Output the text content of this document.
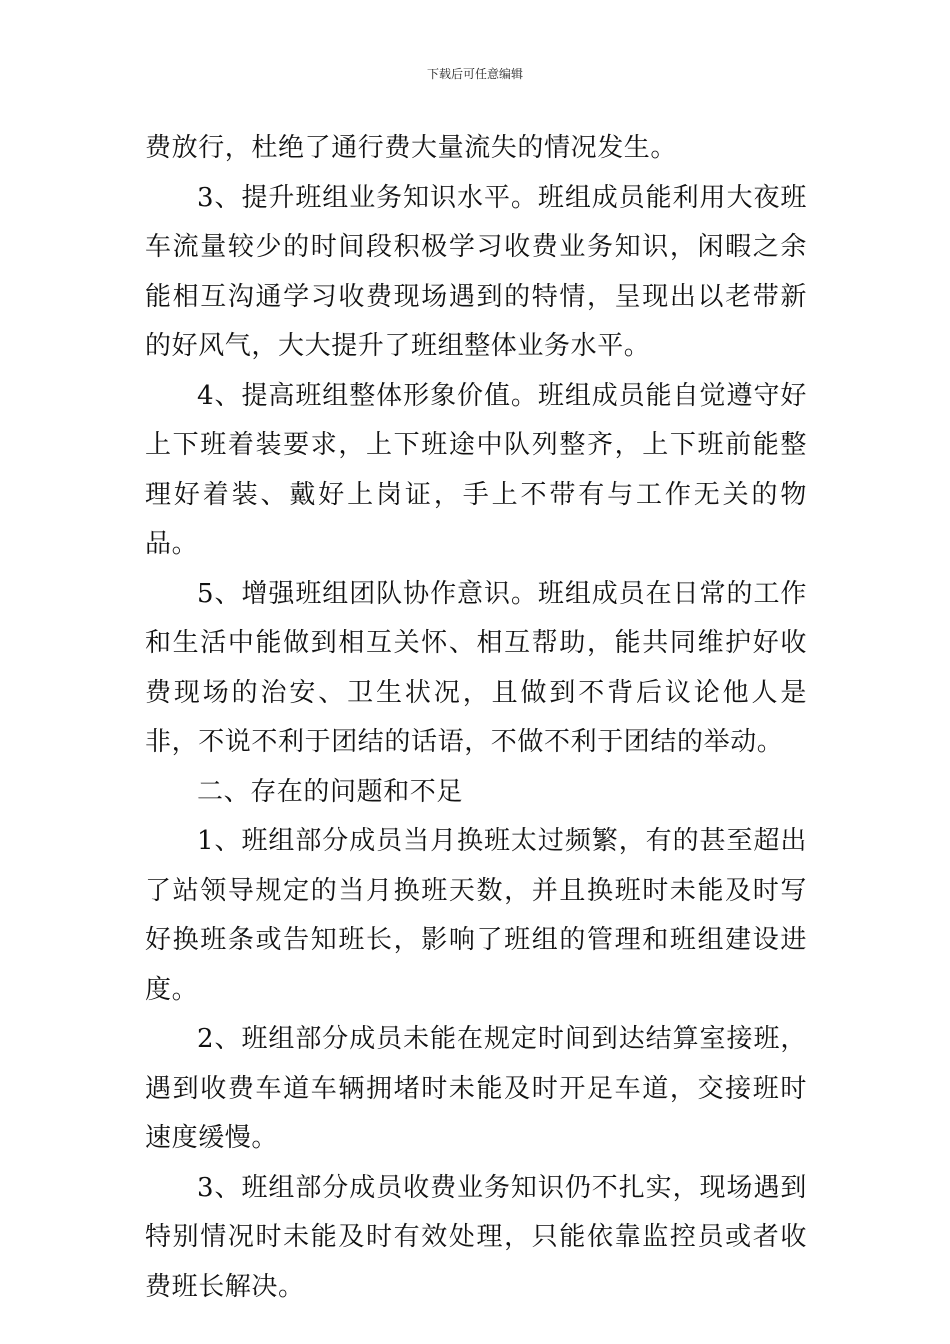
下载后可任意编辑

费放行，杜绝了通行费大量流失的情况发生。

3、提升班组业务知识水平。班组成员能利用大夜班车流量较少的时间段积极学习收费业务知识，闲暇之余能相互沟通学习收费现场遇到的特情，呈现出以老带新的好风气，大大提升了班组整体业务水平。

4、提高班组整体形象价值。班组成员能自觉遵守好上下班着装要求，上下班途中队列整齐，上下班前能整理好着装、戴好上岗证，手上不带有与工作无关的物品。

5、增强班组团队协作意识。班组成员在日常的工作和生活中能做到相互关怀、相互帮助，能共同维护好收费现场的治安、卫生状况，且做到不背后议论他人是非，不说不利于团结的话语，不做不利于团结的举动。

二、存在的问题和不足

1、班组部分成员当月换班太过频繁，有的甚至超出了站领导规定的当月换班天数，并且换班时未能及时写好换班条或告知班长，影响了班组的管理和班组建设进度。

2、班组部分成员未能在规定时间到达结算室接班，遇到收费车道车辆拥堵时未能及时开足车道，交接班时速度缓慢。

3、班组部分成员收费业务知识仍不扎实，现场遇到特别情况时未能及时有效处理，只能依靠监控员或者收费班长解决。
